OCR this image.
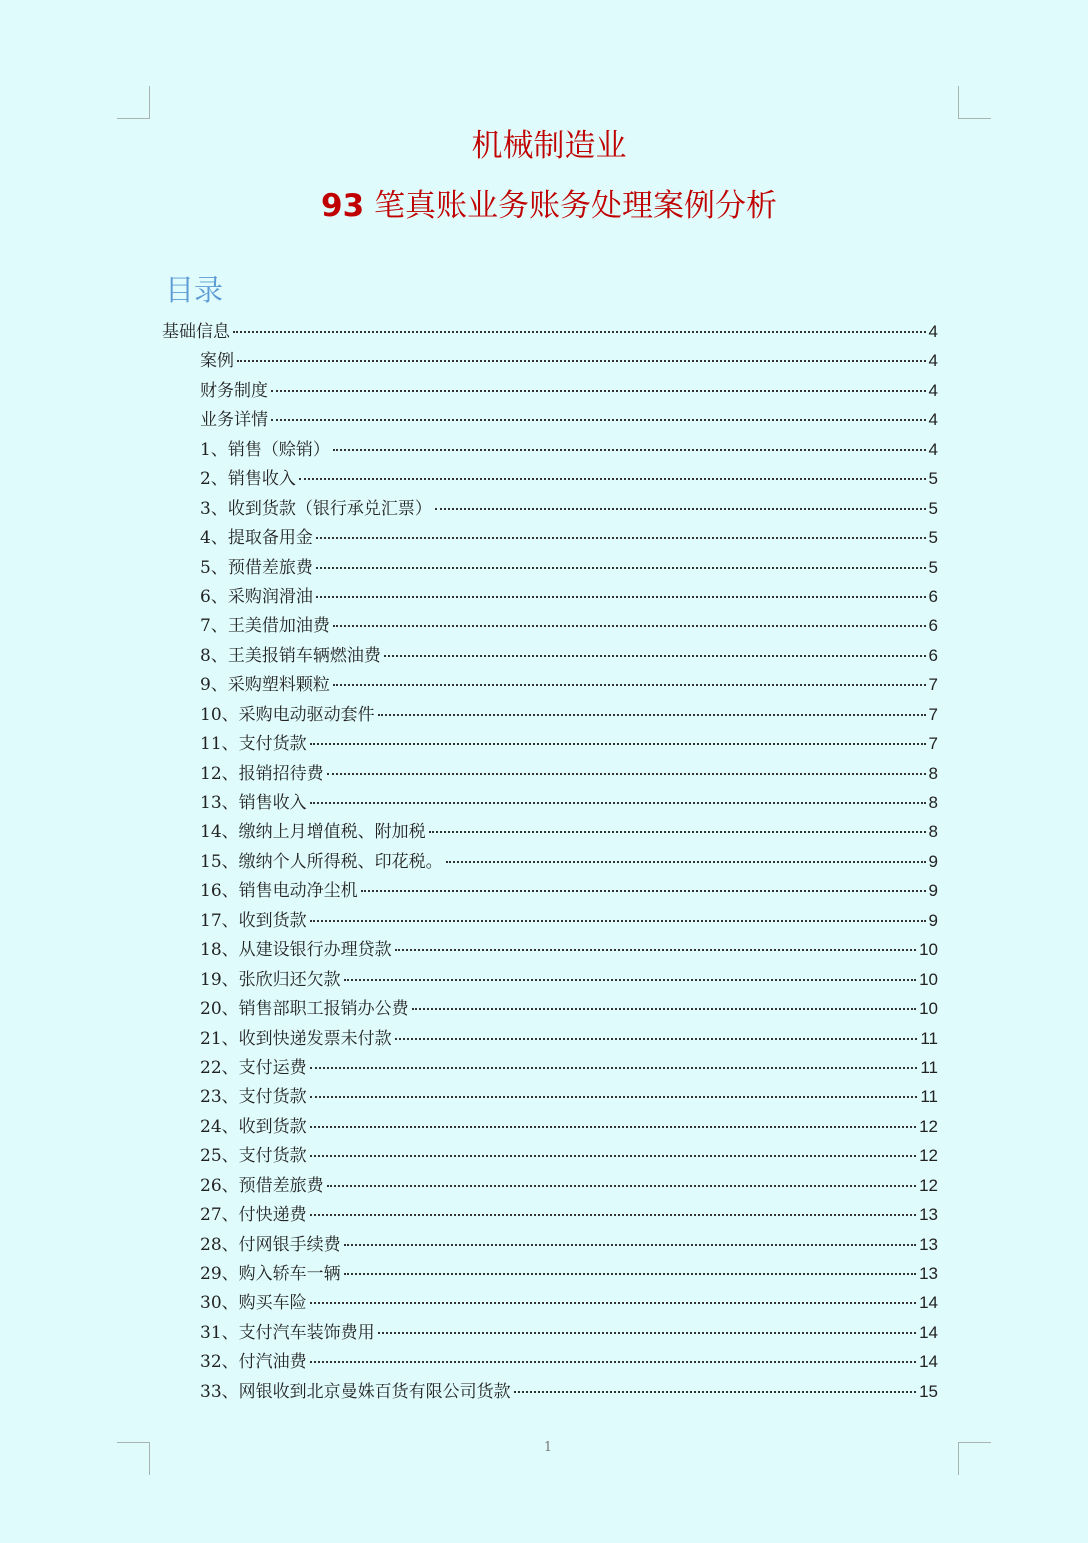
机械制造业
93 笔真账业务账务处理案例分析
目录
基础信息	4
案例	4
财务制度	4
业务详情	4
1、销售（赊销）	4
2、销售收入	5
3、收到货款（银行承兑汇票）	5
4、提取备用金	5
5、预借差旅费	5
6、采购润滑油	6
7、王美借加油费	6
8、王美报销车辆燃油费	6
9、采购塑料颗粒	7
10、采购电动驱动套件	7
11、支付货款	7
12、报销招待费	8
13、销售收入	8
14、缴纳上月增值税、附加税	8
15、缴纳个人所得税、印花税。	9
16、销售电动净尘机	9
17、收到货款	9
18、从建设银行办理贷款	10
19、张欣归还欠款	10
20、销售部职工报销办公费	10
21、收到快递发票未付款	11
22、支付运费	11
23、支付货款	11
24、收到货款	12
25、支付货款	12
26、预借差旅费	12
27、付快递费	13
28、付网银手续费	13
29、购入轿车一辆	13
30、购买车险	14
31、支付汽车装饰费用	14
32、付汽油费	14
33、网银收到北京曼姝百货有限公司货款	15
1
